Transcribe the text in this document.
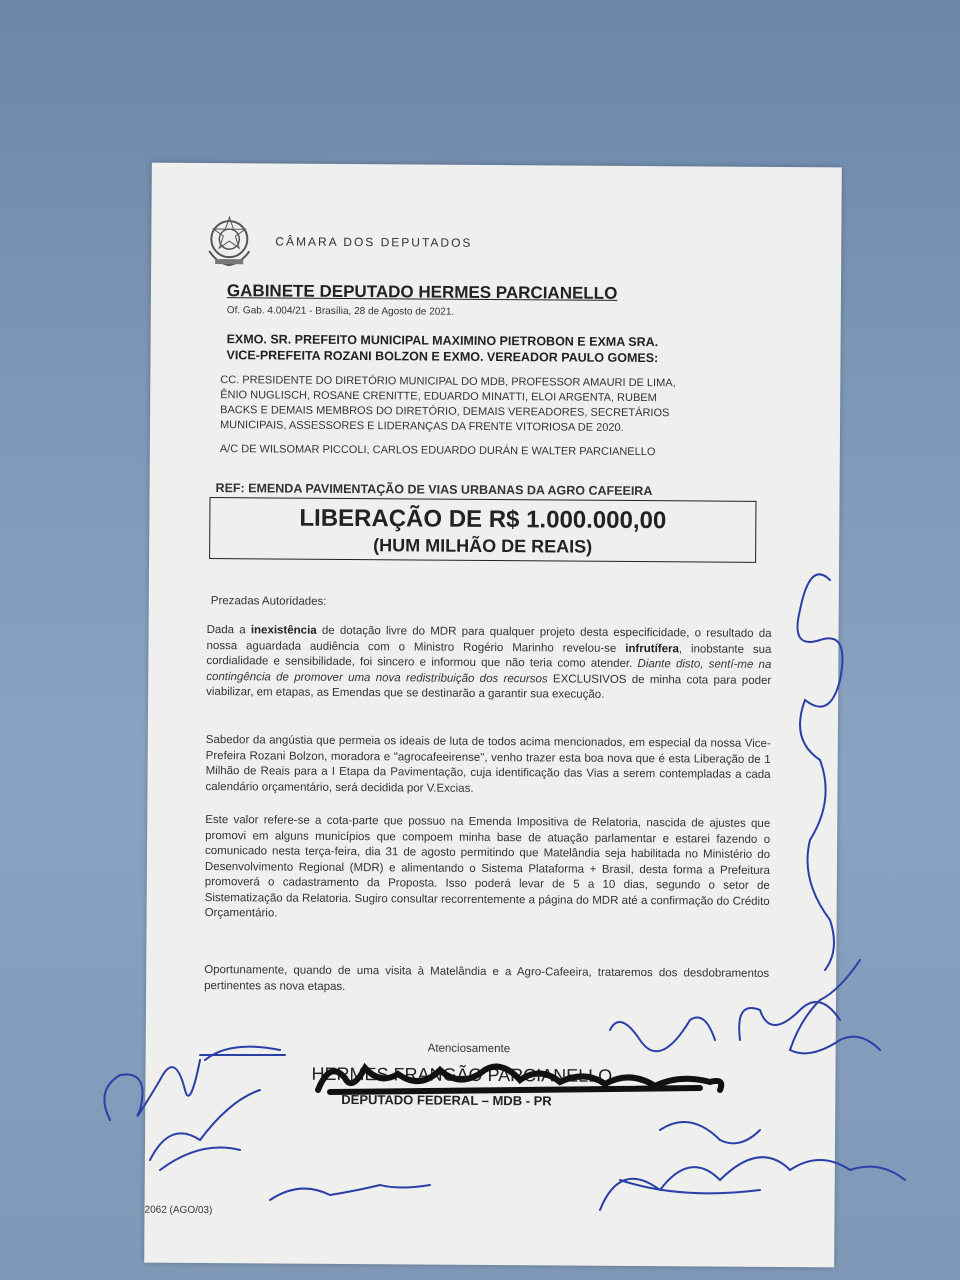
CÂMARA DOS DEPUTADOS
GABINETE DEPUTADO HERMES PARCIANELLO
Of. Gab. 4.004/21 - Brasília, 28 de Agosto de 2021.
EXMO. SR. PREFEITO MUNICIPAL MAXIMINO PIETROBON E EXMA SRA.
VICE-PREFEITA ROZANI BOLZON E EXMO. VEREADOR PAULO GOMES:
CC. PRESIDENTE DO DIRETÓRIO MUNICIPAL DO MDB, PROFESSOR AMAURI DE LIMA,
ÊNIO NUGLISCH, ROSANE CRENITTE, EDUARDO MINATTI, ELOI ARGENTA, RUBEM
BACKS E DEMAIS MEMBROS DO DIRETÓRIO, DEMAIS VEREADORES, SECRETÁRIOS
MUNICIPAIS, ASSESSORES E LIDERANÇAS DA FRENTE VITORIOSA DE 2020.
A/C DE WILSOMAR PICCOLI, CARLOS EDUARDO DURÁN E WALTER PARCIANELLO
REF: EMENDA PAVIMENTAÇÃO DE VIAS URBANAS DA AGRO CAFEEIRA
LIBERAÇÃO DE R$ 1.000.000,00
(HUM MILHÃO DE REAIS)
Prezadas Autoridades:
Dada a inexistência de dotação livre do MDR para qualquer projeto desta especificidade, o resultado da nossa aguardada audiência com o Ministro Rogério Marinho revelou-se infrutífera, inobstante sua cordialidade e sensibilidade, foi sincero e informou que não teria como atender. Diante disto, sentí-me na contingência de promover uma nova redistribuição dos recursos EXCLUSIVOS de minha cota para poder viabilizar, em etapas, as Emendas que se destinarão a garantir sua execução.
Sabedor da angústia que permeia os ideais de luta de todos acima mencionados, em especial da nossa Vice-Prefeira Rozani Bolzon, moradora e "agrocafeeirense", venho trazer esta boa nova que é esta Liberação de 1 Milhão de Reais para a I Etapa da Pavimentação, cuja identificação das Vias a serem contempladas a cada calendário orçamentário, será decidida por V.Excias.
Este valor refere-se a cota-parte que possuo na Emenda Impositiva de Relatoria, nascida de ajustes que promovi em alguns municípios que compoem minha base de atuação parlamentar e estarei fazendo o comunicado nesta terça-feira, dia 31 de agosto permitindo que Matelândia seja habilitada no Ministério do Desenvolvimento Regional (MDR) e alimentando o Sistema Plataforma + Brasil, desta forma a Prefeitura promoverá o cadastramento da Proposta. Isso poderá levar de 5 a 10 dias, segundo o setor de Sistematização da Relatoria. Sugiro consultar recorrentemente a página do MDR até a confirmação do Crédito Orçamentário.
Oportunamente, quando de uma visita à Matelândia e a Agro-Cafeeira, trataremos dos desdobramentos pertinentes as nova etapas.
Atenciosamente
HERMES FRANGÃO PARCIANELLO
DEPUTADO FEDERAL – MDB - PR
2062 (AGO/03)
